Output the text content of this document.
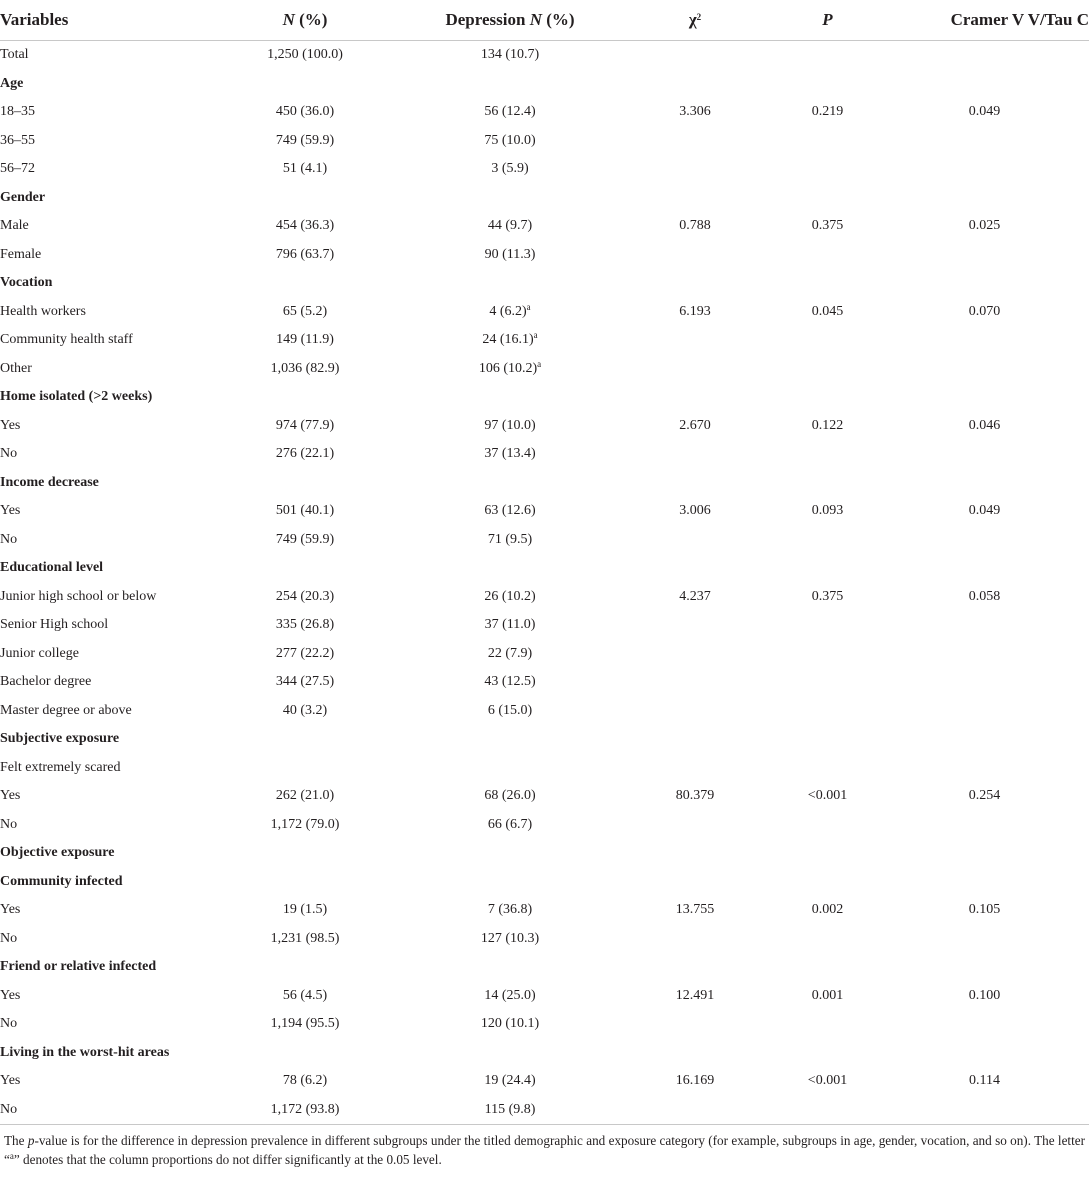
Variables	N (%)	Depression N (%)	$\chi^2$	P	Cramer V V/Tau C
Total	1,250 (100.0)	134 (10.7)			
Age					
18–35	450 (36.0)	56 (12.4)	3.306	0.219	0.049
36–55	749 (59.9)	75 (10.0)			
56–72	51 (4.1)	3 (5.9)			
Gender					
Male	454 (36.3)	44 (9.7)	0.788	0.375	0.025
Female	796 (63.7)	90 (11.3)			
Vocation					
Health workers	65 (5.2)	4 $(6.2)^a$	6.193	0.045	0.070
Community health staff	149 (11.9)	24 $(16.1)^a$			
Other	1,036 (82.9)	106 $(10.2)^a$			
Home isolated (>2 weeks)					
Yes	974 (77.9)	97 (10.0)	2.670	0.122	0.046
No	276 (22.1)	37 (13.4)			
Income decrease					
Yes	501 (40.1)	63 (12.6)	3.006	0.093	0.049
No	749 (59.9)	71 (9.5)			
Educational level					
Junior high school or below	254 (20.3)	26 (10.2)	4.237	0.375	0.058
Senior High school	335 (26.8)	37 (11.0)			
Junior college	277 (22.2)	22 (7.9)			
Bachelor degree	344 (27.5)	43 (12.5)			
Master degree or above	40 (3.2)	6 (15.0)			
Subjective exposure					
Felt extremely scared					
Yes	262 (21.0)	68 (26.0)	80.379	<0.001	0.254
No	1,172 (79.0)	66 (6.7)			
Objective exposure					
Community infected					
Yes	19 (1.5)	7 (36.8)	13.755	0.002	0.105
No	1,231 (98.5)	127 (10.3)			
Friend or relative infected					
Yes	56 (4.5)	14 (25.0)	12.491	0.001	0.100
No	1,194 (95.5)	120 (10.1)			
Living in the worst-hit areas					
Yes	78 (6.2)	19 (24.4)	16.169	<0.001	0.114
No	1,172 (93.8)	115 (9.8)			
The p-value is for the difference in depression prevalence in different subgroups under the titled demographic and exposure category (for example, subgroups in age, gender, vocation, and so on). The letter “$^a$” denotes that the column proportions do not differ significantly at the 0.05 level.
